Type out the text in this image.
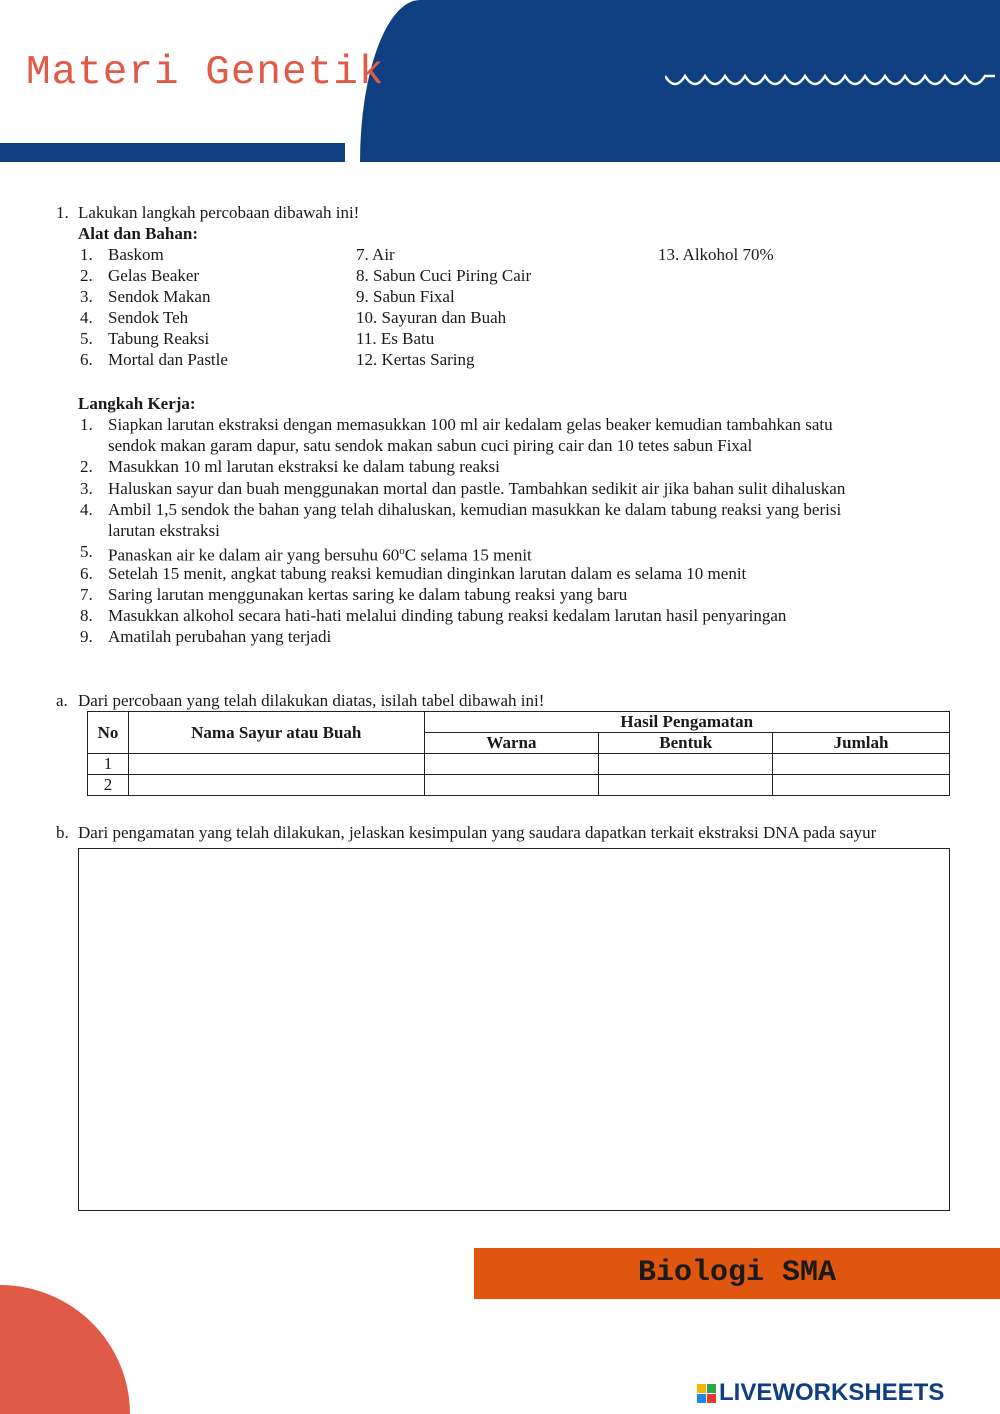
Materi Genetik
1. Lakukan langkah percobaan dibawah ini!
Alat dan Bahan:
1. Baskom
2. Gelas Beaker
3. Sendok Makan
4. Sendok Teh
5. Tabung Reaksi
6. Mortal dan Pastle
7. Air
8. Sabun Cuci Piring Cair
9. Sabun Fixal
10. Sayuran dan Buah
11. Es Batu
12. Kertas Saring
13. Alkohol 70%
Langkah Kerja:
1. Siapkan larutan ekstraksi dengan memasukkan 100 ml air kedalam gelas beaker kemudian tambahkan satu
sendok makan garam dapur, satu sendok makan sabun cuci piring cair dan 10 tetes sabun Fixal
2. Masukkan 10 ml larutan ekstraksi ke dalam tabung reaksi
3. Haluskan sayur dan buah menggunakan mortal dan pastle. Tambahkan sedikit air jika bahan sulit dihaluskan
4. Ambil 1,5 sendok the bahan yang telah dihaluskan, kemudian masukkan ke dalam tabung reaksi yang berisi
larutan ekstraksi
5. Panaskan air ke dalam air yang bersuhu 60$^o$C selama 15 menit
6. Setelah 15 menit, angkat tabung reaksi kemudian dinginkan larutan dalam es selama 10 menit
7. Saring larutan menggunakan kertas saring ke dalam tabung reaksi yang baru
8. Masukkan alkohol secara hati-hati melalui dinding tabung reaksi kedalam larutan hasil penyaringan
9. Amatilah perubahan yang terjadi
a. Dari percobaan yang telah dilakukan diatas, isilah tabel dibawah ini!
No	Nama Sayur atau Buah	Hasil Pengamatan		
		Warna	Bentuk	Jumlah
1				
2				
b. Dari pengamatan yang telah dilakukan, jelaskan kesimpulan yang saudara dapatkan terkait ekstraksi DNA pada sayur
Biologi SMA
LIVEWORKSHEETS
